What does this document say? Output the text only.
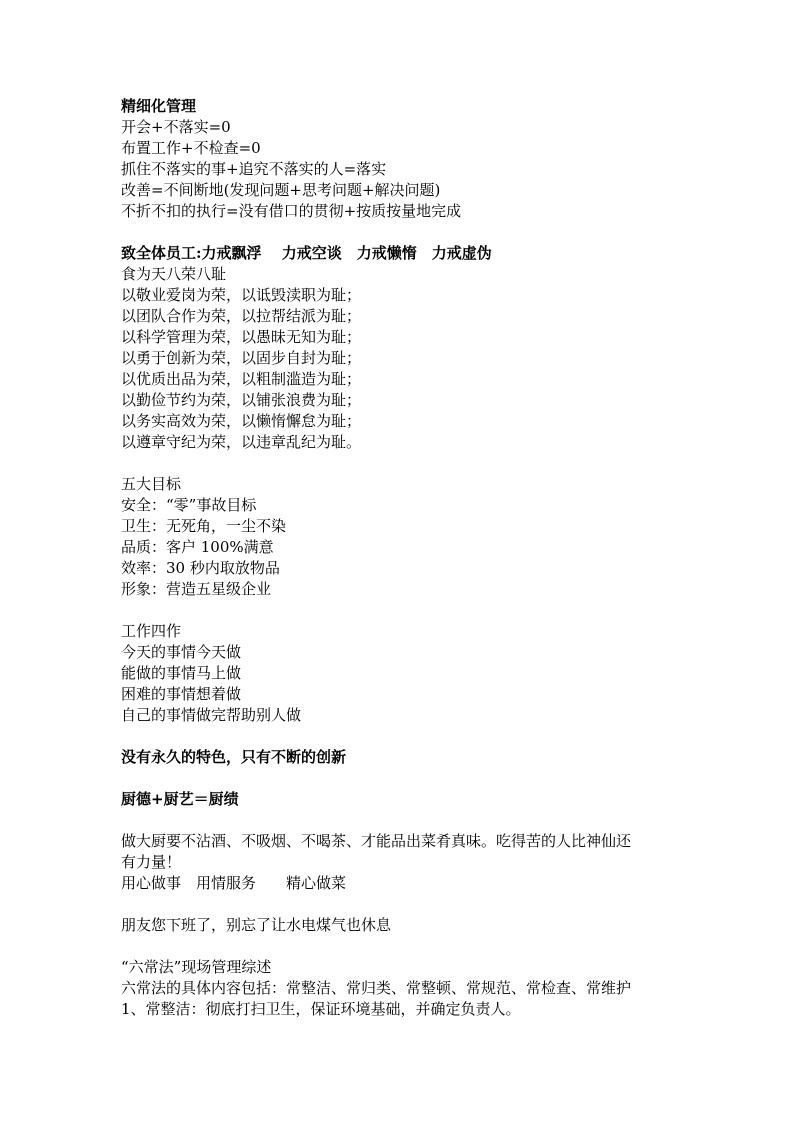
精细化管理
开会+不落实=0
布置工作+不检查=0
抓住不落实的事+追究不落实的人=落实
改善=不间断地(发现问题+思考问题+解决问题)
不折不扣的执行=没有借口的贯彻+按质按量地完成
致全体员工:力戒飘浮　 力戒空谈　力戒懒惰　力戒虚伪
食为天八荣八耻
以敬业爱岗为荣，以诋毁渎职为耻；
以团队合作为荣，以拉帮结派为耻；
以科学管理为荣，以愚昧无知为耻；
以勇于创新为荣，以固步自封为耻；
以优质出品为荣，以粗制滥造为耻；
以勤俭节约为荣，以铺张浪费为耻；
以务实高效为荣，以懒惰懈怠为耻；
以遵章守纪为荣，以违章乱纪为耻。
五大目标
安全：“零”事故目标
卫生：无死角，一尘不染
品质：客户 100%满意
效率：30 秒内取放物品
形象：营造五星级企业
工作四作
今天的事情今天做
能做的事情马上做
困难的事情想着做
自己的事情做完帮助别人做
没有永久的特色，只有不断的创新
厨德+厨艺＝厨绩
做大厨要不沾酒、不吸烟、不喝茶、才能品出菜肴真味。吃得苦的人比神仙还
有力量！
用心做事　用情服务　　精心做菜
朋友您下班了，别忘了让水电煤气也休息
“六常法”现场管理综述
六常法的具体内容包括：常整洁、常归类、常整顿、常规范、常检查、常维护
1、常整洁：彻底打扫卫生，保证环境基础，并确定负责人。
